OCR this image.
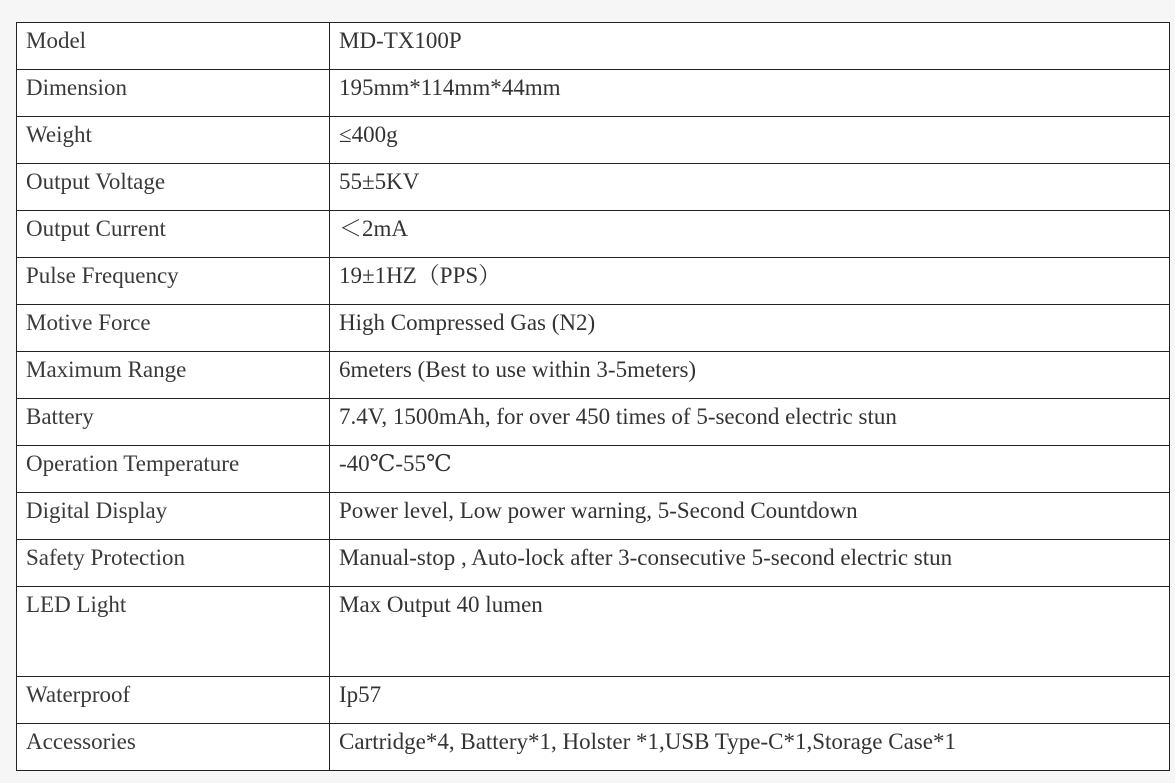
Model	MD-TX100P
Dimension	195mm*114mm*44mm
Weight	≤400g
Output Voltage	55±5KV
Output Current	＜2mA
Pulse Frequency	19±1HZ（PPS）
Motive Force	High Compressed Gas (N2)
Maximum Range	6meters (Best to use within 3-5meters)
Battery	7.4V, 1500mAh, for over 450 times of 5-second electric stun
Operation Temperature	-40℃-55℃
Digital Display	Power level, Low power warning, 5-Second Countdown
Safety Protection	Manual-stop , Auto-lock after 3-consecutive 5-second electric stun
LED Light	Max Output 40 lumen
Waterproof	Ip57
Accessories	Cartridge*4, Battery*1, Holster *1,USB Type-C*1,Storage Case*1
